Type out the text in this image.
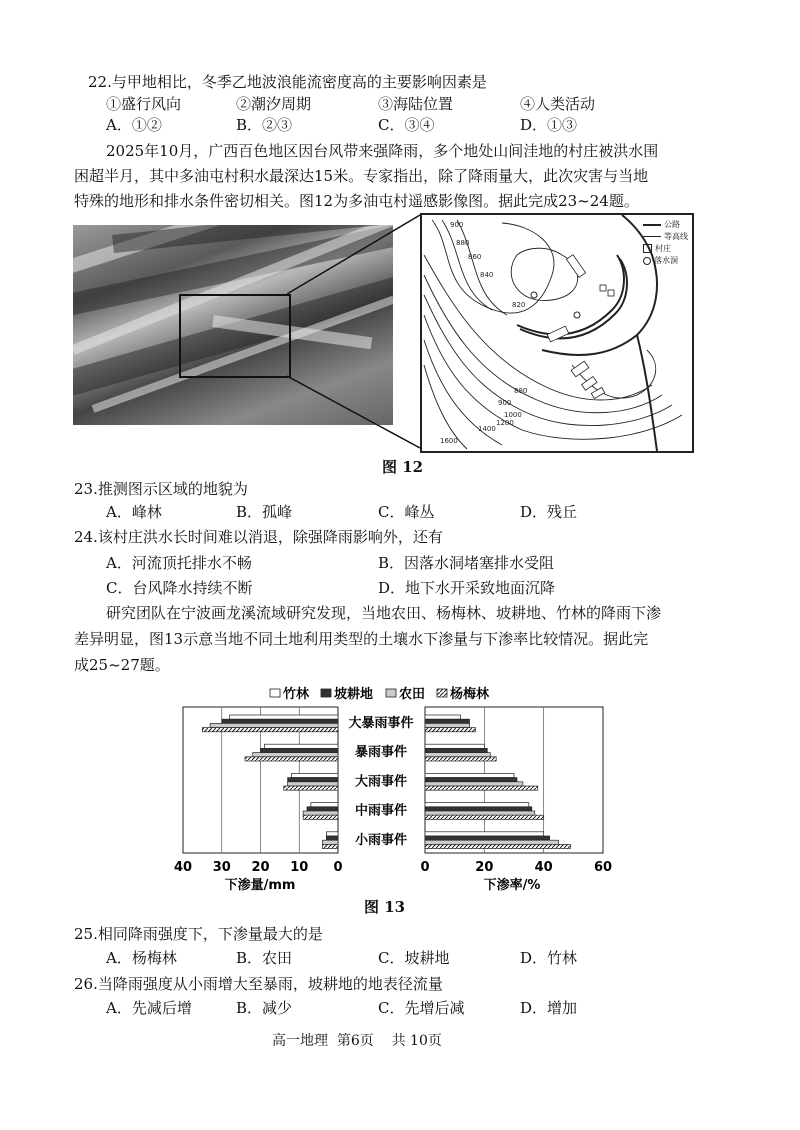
22.与甲地相比，冬季乙地波浪能流密度高的主要影响因素是
①盛行风向	②潮汐周期	③海陆位置	④人类活动
A．①②	B．②③	C．③④	D．①③
2025年10月，广西百色地区因台风带来强降雨，多个地处山间洼地的村庄被洪水围
困超半月，其中多油屯村积水最深达15米。专家指出，除了降雨量大，此次灾害与当地
特殊的地形和排水条件密切相关。图12为多油屯村遥感影像图。据此完成23~24题。
900
880
860
840
820
880
900
1000
1200
1400
1600
公路
等高线
村庄
落水洞
图 12
23.推测图示区域的地貌为
A．峰林	B．孤峰	C．峰丛	D．残丘
24.该村庄洪水长时间难以消退，除强降雨影响外，还有
A．河流顶托排水不畅	B．因落水洞堵塞排水受阻
C．台风降水持续不断	D．地下水开采致地面沉降
研究团队在宁波画龙溪流域研究发现，当地农田、杨梅林、坡耕地、竹林的降雨下渗
差异明显，图13示意当地不同土地利用类型的土壤水下渗量与下渗率比较情况。据此完
成25~27题。
40 30 20 10 0	0	20	40	60
下渗量/mm	下渗率/%
竹林 坡耕地 农田 杨梅林
大暴雨事件
暴雨事件
大雨事件
中雨事件
小雨事件
图 13
25.相同降雨强度下，下渗量最大的是
A．杨梅林	B．农田	C．坡耕地	D．竹林
26.当降雨强度从小雨增大至暴雨，坡耕地的地表径流量
A．先减后增	B．减少	C．先增后减	D．增加
高一地理  第6页    共 10页
